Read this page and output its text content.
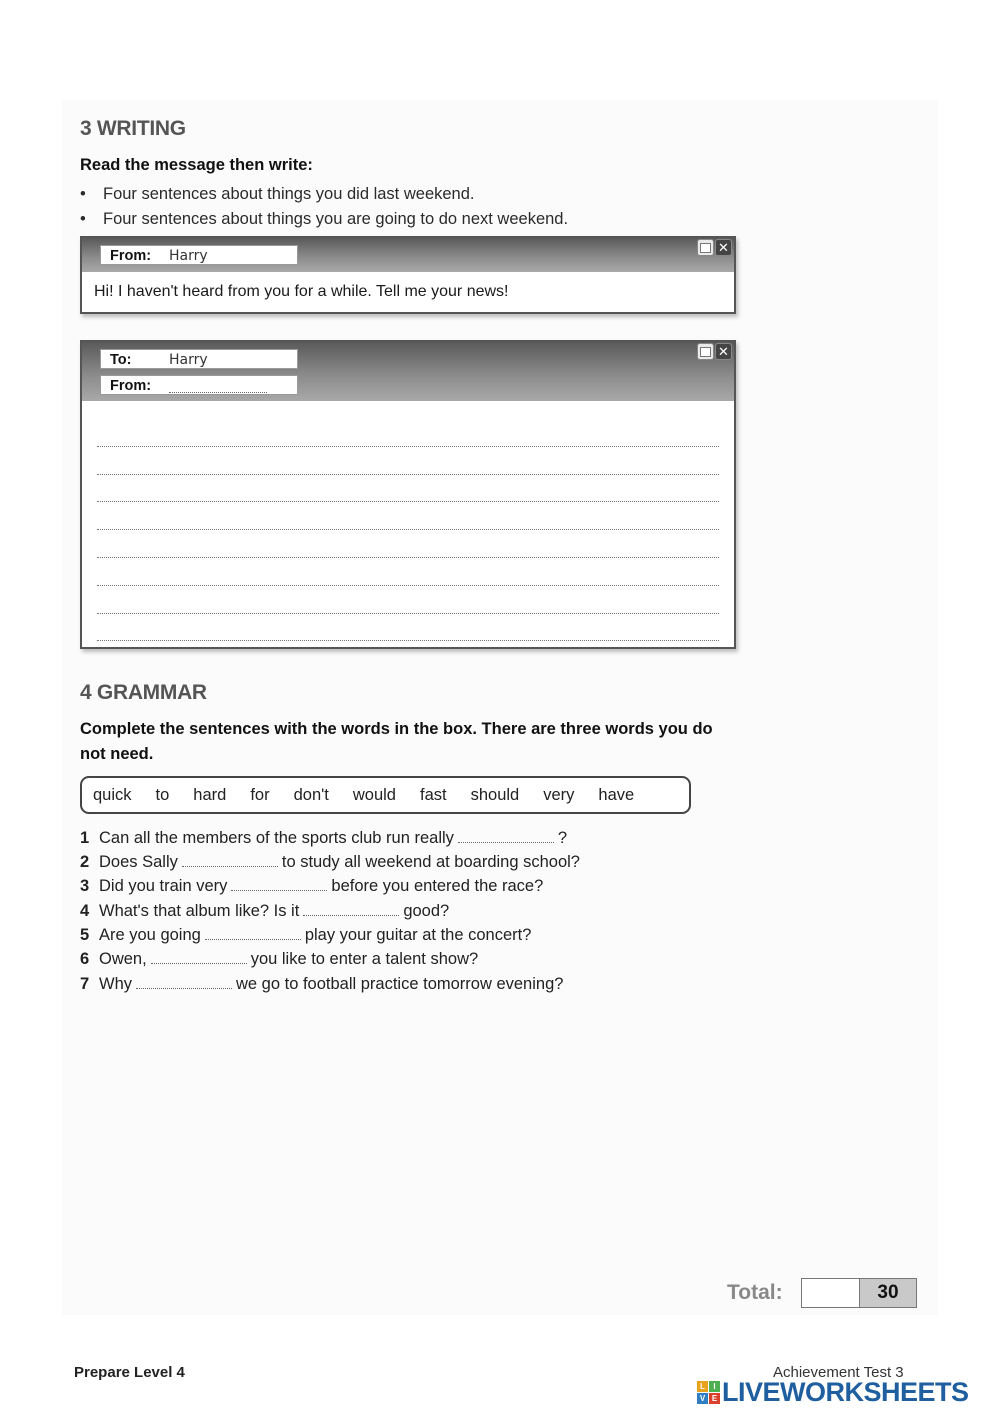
3 WRITING
Read the message then write:
• Four sentences about things you did last weekend.
• Four sentences about things you are going to do next weekend.
From: Harry
✕
Hi! I haven't heard from you for a while. Tell me your news!
To:	Harry
From:
✕
4 GRAMMAR
Complete the sentences with the words in the box. There are three words you do
not need.
quick to hard for don't would fast should very have
1 Can all the members of the sports club run really	?
2 Does Sally	to study all weekend at boarding school?
3 Did you train very	before you entered the race?
4 What's that album like? Is it	good?
5 Are you going	play your guitar at the concert?
6 Owen,	you like to enter a talent show?
7 Why	we go to football practice tomorrow evening?
Total:	30
Prepare Level 4	Achievement Test 3
L	I
V E LIVEWORKSHEETS
